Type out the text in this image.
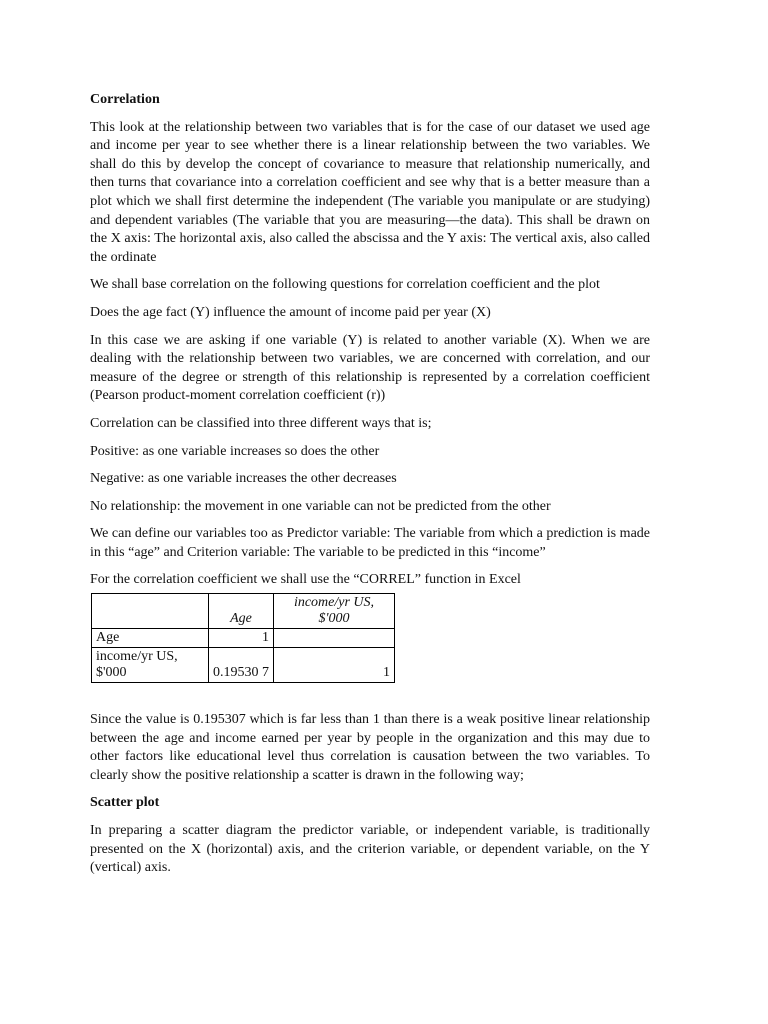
Correlation

This look at the relationship between two variables that is for the case of our dataset we used age and income per year to see whether there is a linear relationship between the two variables. We shall do this by develop the concept of covariance to measure that relationship numerically, and then turns that covariance into a correlation coefficient and see why that is a better measure than a plot which we shall first determine the independent (The variable you manipulate or are studying) and dependent variables (The variable that you are measuring—the data). This shall be drawn on the X axis: The horizontal axis, also called the abscissa and the Y axis: The vertical axis, also called the ordinate

We shall base correlation on the following questions for correlation coefficient and the plot

Does the age fact (Y) influence the amount of income paid per year (X)

In this case we are asking if one variable (Y) is related to another variable (X). When we are dealing with the relationship between two variables, we are concerned with correlation, and our measure of the degree or strength of this relationship is represented by a correlation coefficient (Pearson product-moment correlation coefficient (r))

Correlation can be classified into three different ways that is;

Positive: as one variable increases so does the other

Negative: as one variable increases the other decreases

No relationship: the movement in one variable can not be predicted from the other

We can define our variables too as Predictor variable: The variable from which a prediction is made in this “age” and Criterion variable: The variable to be predicted in this “income”

For the correlation coefficient we shall use the “CORREL” function in Excel

	Age	income/yr US, $'000
Age	1	
income/yr US, $'000	0.19530 7	1

Since the value is 0.195307 which is far less than 1 than there is a weak positive linear relationship between the age and income earned per year by people in the organization and this may due to other factors like educational level thus correlation is causation between the two variables. To clearly show the positive relationship a scatter is drawn in the following way;

Scatter plot

In preparing a scatter diagram the predictor variable, or independent variable, is traditionally presented on the X (horizontal) axis, and the criterion variable, or dependent variable, on the Y (vertical) axis.
